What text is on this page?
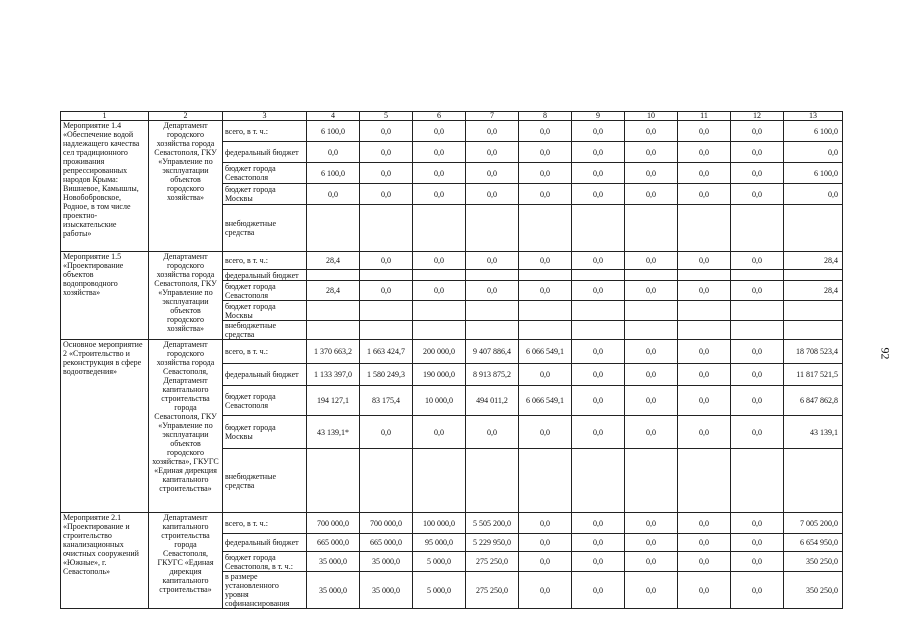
92
1	2	3	4	5	6	7	8	9	10	11	12	13
Мероприятие 1.4 «Обеспечение водой надлежащего качества сел традиционного проживания репрессированных народов Крыма: Вишневое, Камышлы, Новобобровское, Родное, в том числе проектно-изыскательские работы»	Департамент городского хозяйства города Севастополя, ГКУ «Управление по эксплуатации объектов городского хозяйства»	всего, в т. ч.:	6 100,0	0,0	0,0	0,0	0,0	0,0	0,0	0,0	0,0	6 100,0
		федеральный бюджет	0,0	0,0	0,0	0,0	0,0	0,0	0,0	0,0	0,0	0,0
		бюджет города Севастополя	6 100,0	0,0	0,0	0,0	0,0	0,0	0,0	0,0	0,0	6 100,0
		бюджет города Москвы	0,0	0,0	0,0	0,0	0,0	0,0	0,0	0,0	0,0	0,0
		внебюджетные средства										
Мероприятие 1.5 «Проектирование объектов водопроводного хозяйства»	Департамент городского хозяйства города Севастополя, ГКУ «Управление по эксплуатации объектов городского хозяйства»	всего, в т. ч.:	28,4	0,0	0,0	0,0	0,0	0,0	0,0	0,0	0,0	28,4
		федеральный бюджет										
		бюджет города Севастополя	28,4	0,0	0,0	0,0	0,0	0,0	0,0	0,0	0,0	28,4
		бюджет города Москвы										
		внебюджетные средства										
Основное мероприятие 2 «Строительство и реконструкция в сфере водоотведения»	Департамент городского хозяйства города Севастополя, Департамент капитального строительства города Севастополя, ГКУ «Управление по эксплуатации объектов городского хозяйства», ГКУГС «Единая дирекция капитального строительства»	всего, в т. ч.:	1 370 663,2	1 663 424,7	200 000,0	9 407 886,4	6 066 549,1	0,0	0,0	0,0	0,0	18 708 523,4
		федеральный бюджет	1 133 397,0	1 580 249,3	190 000,0	8 913 875,2	0,0	0,0	0,0	0,0	0,0	11 817 521,5
		бюджет города Севастополя	194 127,1	83 175,4	10 000,0	494 011,2	6 066 549,1	0,0	0,0	0,0	0,0	6 847 862,8
		бюджет города Москвы	43 139,1*	0,0	0,0	0,0	0,0	0,0	0,0	0,0	0,0	43 139,1
		внебюджетные средства										
Мероприятие 2.1 «Проектирование и строительство канализационных очистных сооружений «Южные», г. Севастополь»	Департамент капитального строительства города Севастополя, ГКУГС «Единая дирекция капитального строительства»	всего, в т. ч.:	700 000,0	700 000,0	100 000,0	5 505 200,0	0,0	0,0	0,0	0,0	0,0	7 005 200,0
		федеральный бюджет	665 000,0	665 000,0	95 000,0	5 229 950,0	0,0	0,0	0,0	0,0	0,0	6 654 950,0
		бюджет города Севастополя, в т. ч.:	35 000,0	35 000,0	5 000,0	275 250,0	0,0	0,0	0,0	0,0	0,0	350 250,0
		в размере установленного уровня софинансирования	35 000,0	35 000,0	5 000,0	275 250,0	0,0	0,0	0,0	0,0	0,0	350 250,0
